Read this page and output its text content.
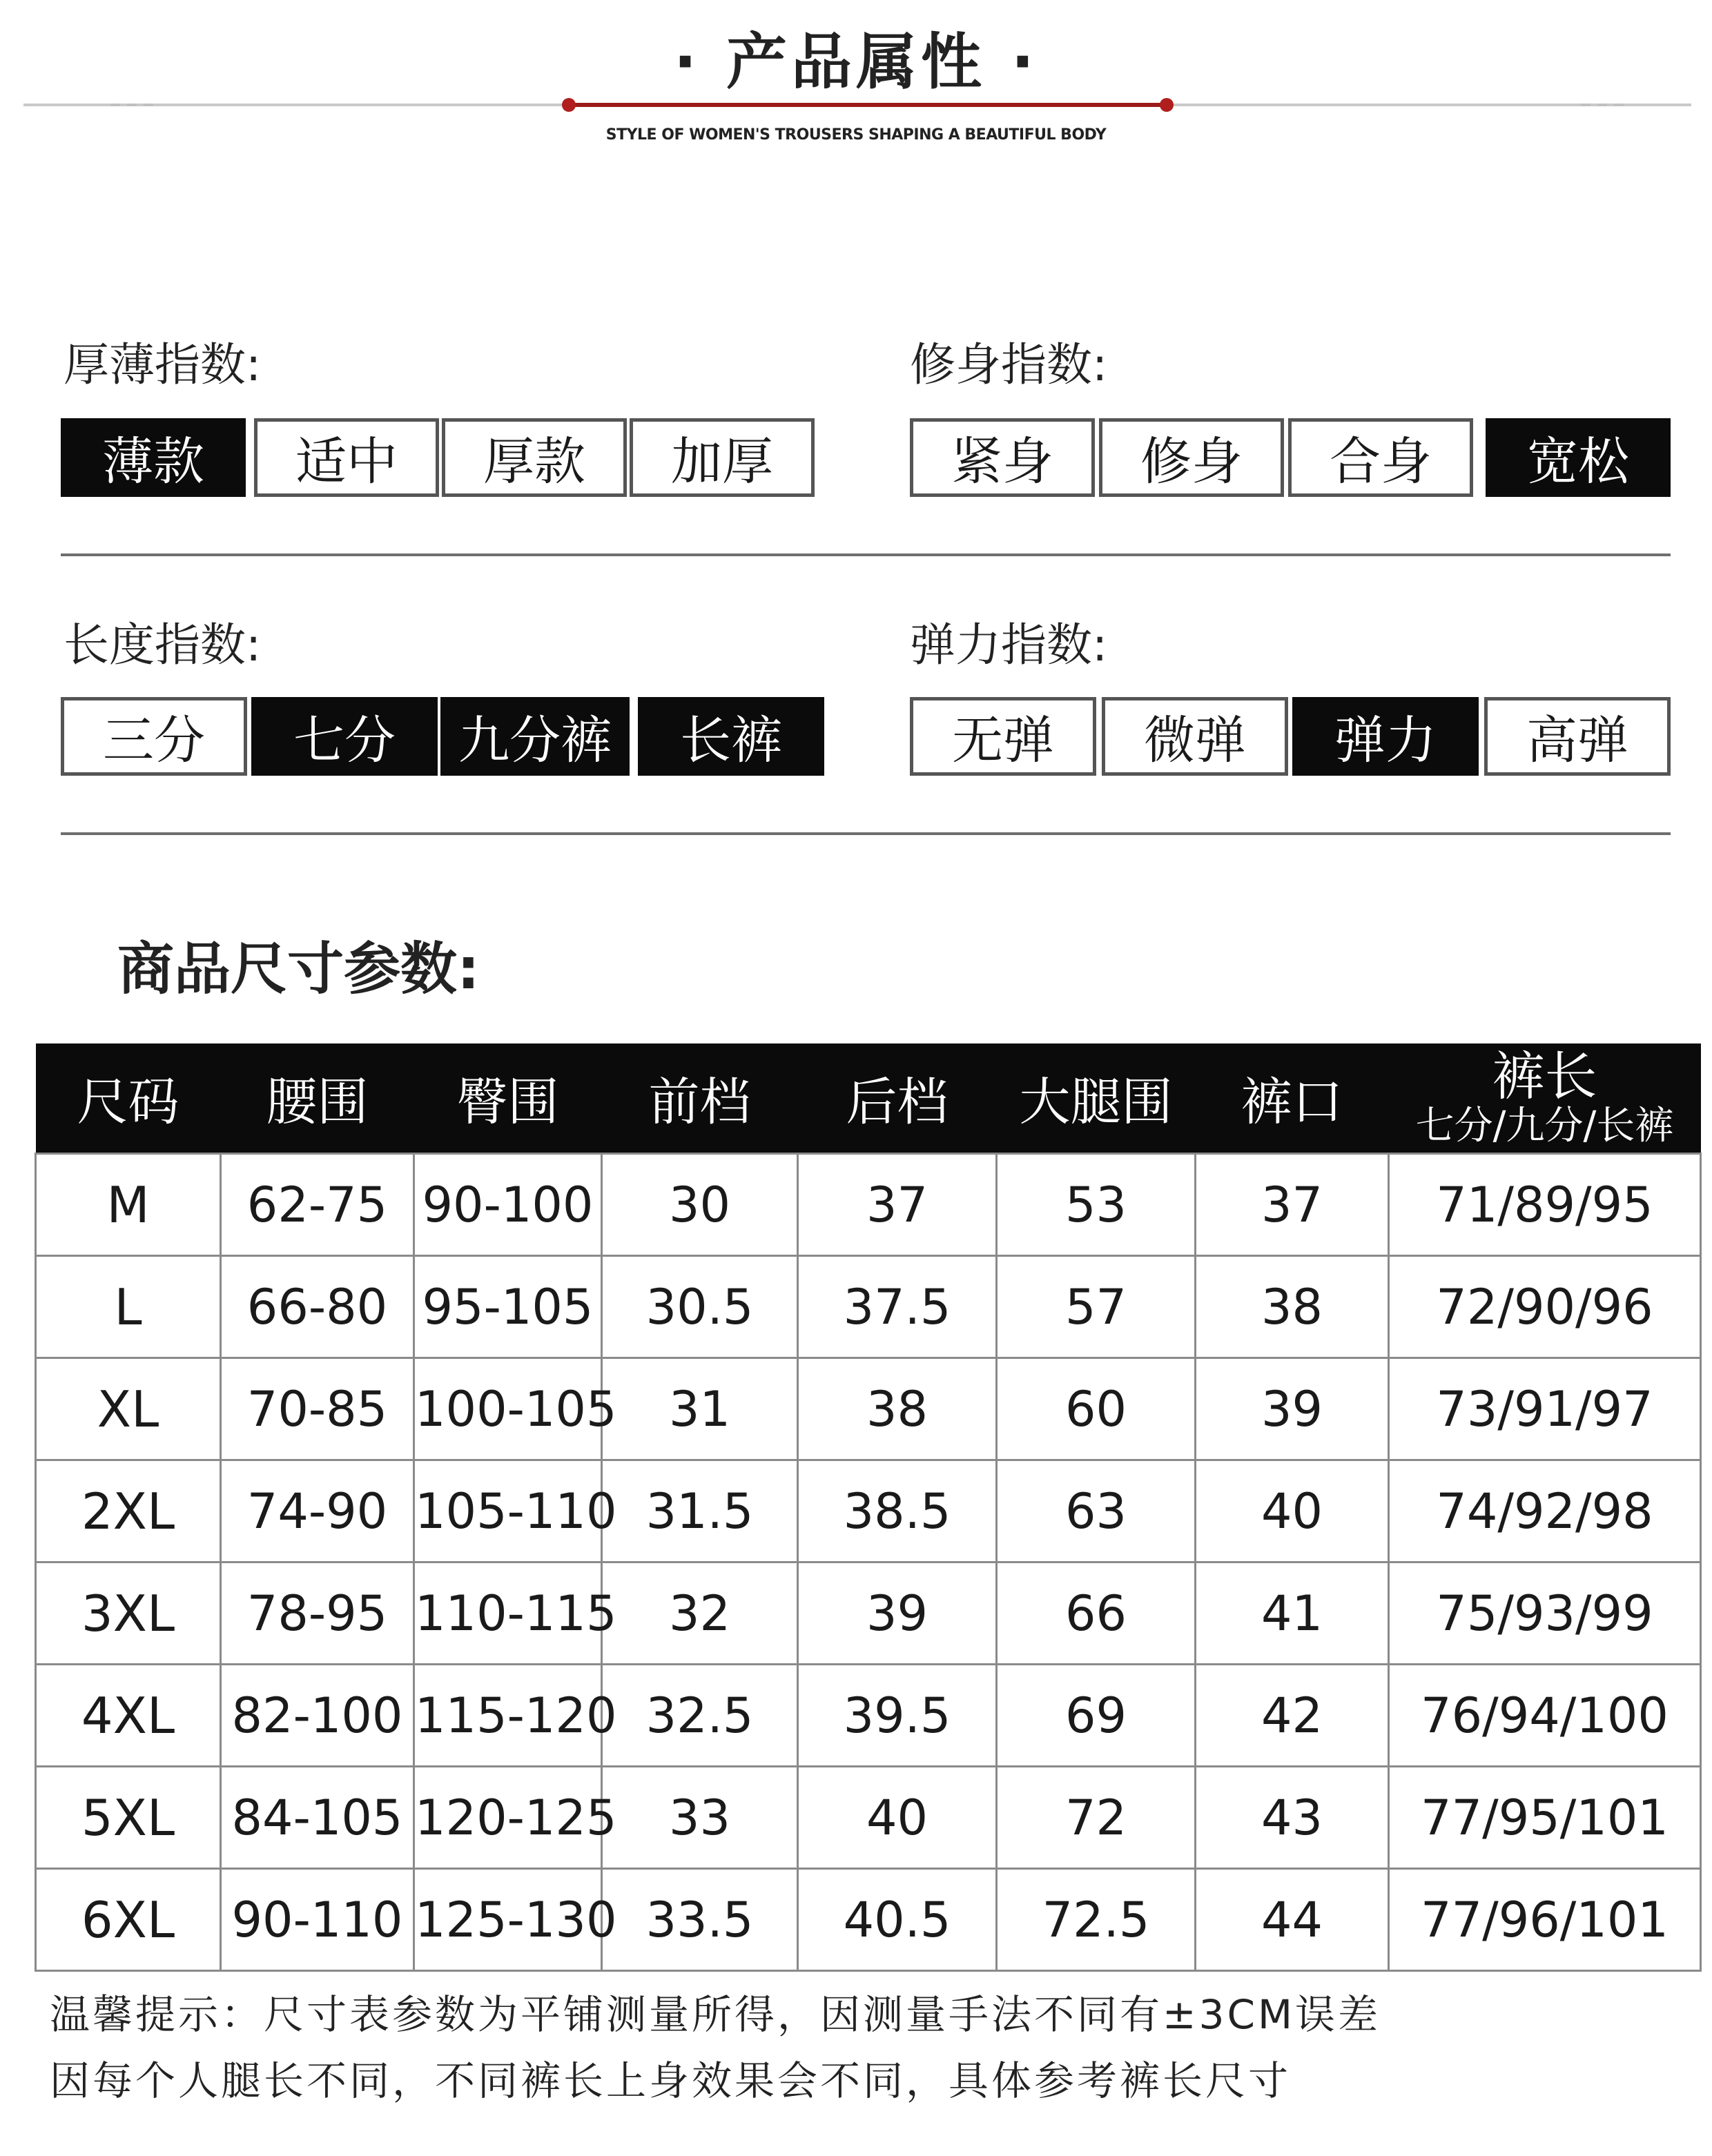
· 产品属性 ·
STYLE OF WOMEN'S TROUSERS SHAPING A BEAUTIFUL BODY
厚薄指数:
薄款	适中	厚款	加厚
修身指数:
紧身	修身	合身	宽松
长度指数:
三分	七分	九分裤	长裤
弹力指数:
无弹	微弹	弹力	高弹
商品尺寸参数:
尺码	腰围	臀围	前档	后档	大腿围	裤口	裤长
七分/九分/长裤

M	62-75	90-100	30	37	53	37	71/89/95
L	66-80	95-105	30.5	37.5	57	38	72/90/96
XL	70-85	100-105	31	38	60	39	73/91/97
2XL	74-90	105-110	31.5	38.5	63	40	74/92/98
3XL	78-95	110-115	32	39	66	41	75/93/99
4XL	82-100	115-120	32.5	39.5	69	42	76/94/100
5XL	84-105	120-125	33	40	72	43	77/95/101
6XL	90-110	125-130	33.5	40.5	72.5	44	77/96/101
温馨提示：尺寸表参数为平铺测量所得，因测量手法不同有±3CM误差
因每个人腿长不同，不同裤长上身效果会不同，具体参考裤长尺寸
